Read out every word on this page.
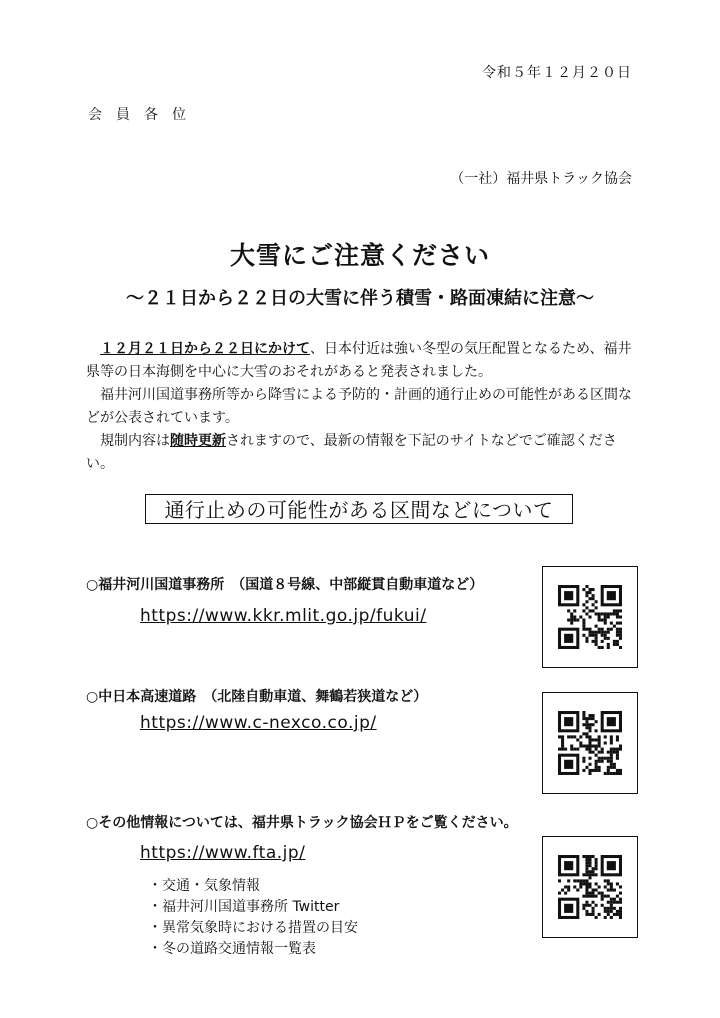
令和５年１２月２０日
会員各位
（一社）福井県トラック協会
大雪にご注意ください
～２１日から２２日の大雪に伴う積雪・路面凍結に注意～

１２月２１日から２２日にかけて、日本付近は強い冬型の気圧配置となるため、福井県等の日本海側を中心に大雪のおそれがあると発表されました。

福井河川国道事務所等から降雪による予防的・計画的通行止めの可能性がある区間などが公表されています。

規制内容は随時更新されますので、最新の情報を下記のサイトなどでご確認ください。

通行止めの可能性がある区間などについて
○福井河川国道事務所　（国道８号線、中部縦貫自動車道など）
https://www.kkr.mlit.go.jp/fukui/
○中日本高速道路　（北陸自動車道、舞鶴若狭道など）
https://www.c-nexco.co.jp/
○その他情報については、福井県トラック協会ＨＰをご覧ください。
https://www.fta.jp/
・交通・気象情報
・福井河川国道事務所 Twitter
・異常気象時における措置の目安
・冬の道路交通情報一覧表
